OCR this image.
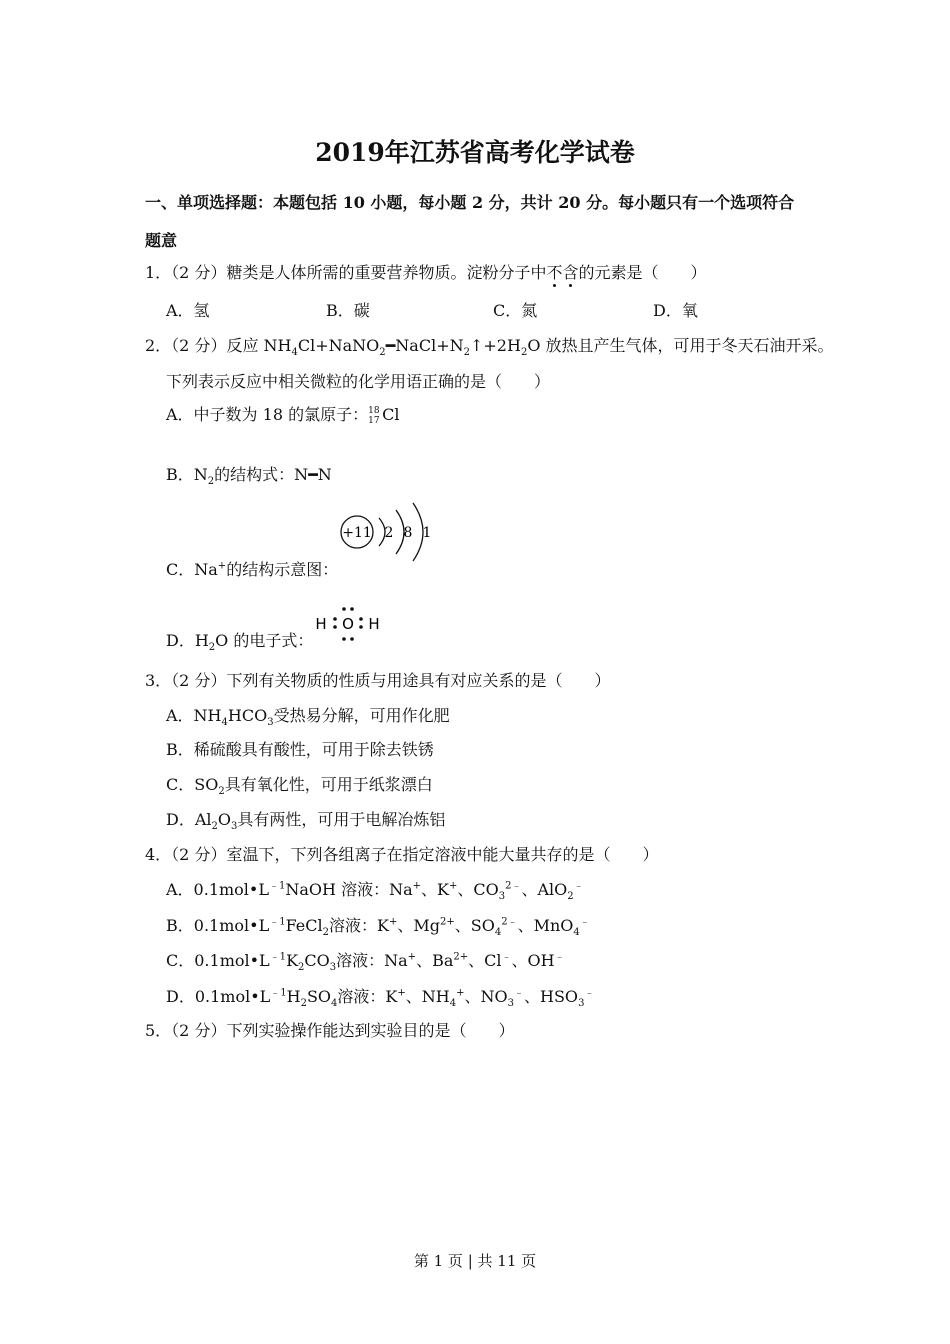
2019年江苏省高考化学试卷
一、单项选择题：本题包括 10 小题，每小题 2 分，共计 20 分。每小题只有一个选项符合
题意
1．（2 分）糖类是人体所需的重要营养物质。淀粉分子中不含的元素是（　　）
A．氢	B．碳	C．氮	D．氧
2．（2 分）反应 $NH_4Cl+NaNO_2━NaCl+N_2↑+2H_2O$ 放热且产生气体，可用于冬天石油开采。
下列表示反应中相关微粒的化学用语正确的是（　　）
A．中子数为 18 的氯原子： 18
17 Cl
B．$N_2$的结构式：N━N
C．Na+的结构示意图：
+11 2 8 1
D．$H_2O$ 的电子式：
H O H
3．（2 分）下列有关物质的性质与用途具有对应关系的是（　　）
A．$NH_4HCO_3$受热易分解，可用作化肥
B．稀硫酸具有酸性，可用于除去铁锈
C．$SO_2$具有氧化性，可用于纸浆漂白
D．$Al_2O_3$具有两性，可用于电解冶炼铝
4．（2 分）室温下，下列各组离子在指定溶液中能大量共存的是（　　）
A．$0.1mol•L^{﹣1}NaOH$ 溶液：Na+、K+、$CO_3^{2﹣}$、AlO$_2$﹣
B．$0.1mol•L^{﹣1}FeCl_2$溶液：K+、$Mg^{2+}$、$SO_4^{2﹣}$、MnO$_4$﹣
C．$0.1mol•L^{﹣1}K_2CO_3$溶液：Na+、$Ba^{2+}$、Cl﹣、OH﹣
D．$0.1mol•L^{﹣1}H_2SO_4$溶液：K+、$NH_4^+$、$NO_3^﹣$、$HSO_3^﹣$
5．（2 分）下列实验操作能达到实验目的是（　　）
第 1 页 | 共 11 页
